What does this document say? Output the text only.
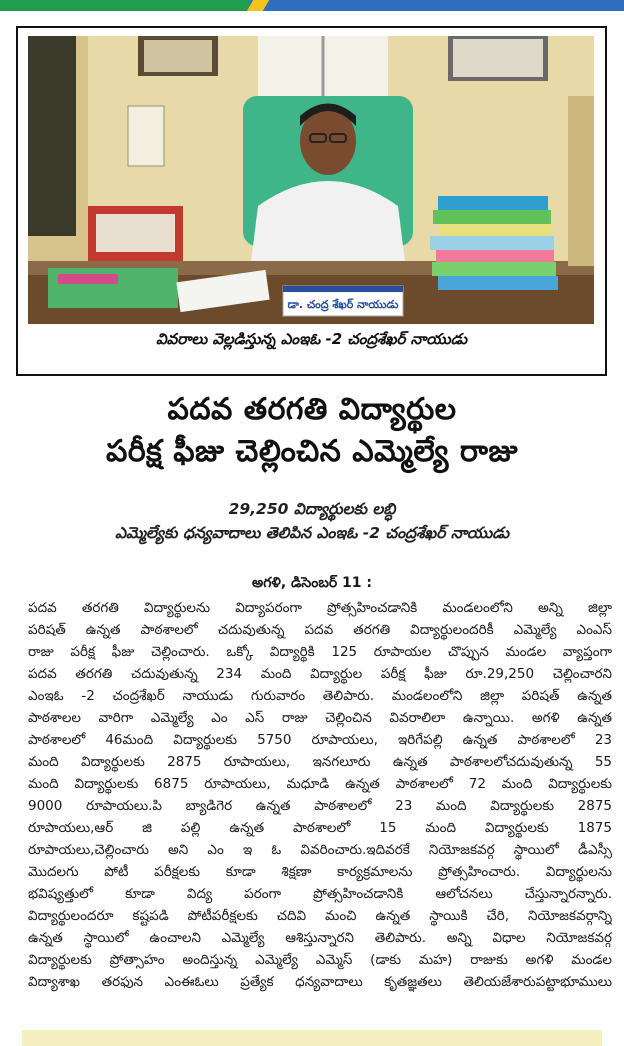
డా. చంద్ర శేఖర్ నాయుడు
వివరాలు వెల్లడిస్తున్న ఎంఇఓ -2 చంద్రశేఖర్ నాయుడు
పదవ తరగతి విద్యార్థుల
పరీక్ష ఫీజు చెల్లించిన ఎమ్మెల్యే రాజు
29,250 విద్యార్థులకు లబ్ధి
ఎమ్మెల్యేకు ధన్యవాదాలు తెలిపిన ఎంఇఓ -2 చంద్రశేఖర్ నాయుడు
అగళి, డిసెంబర్ 11 :
పదవ తరగతి విద్యార్థులను విద్యాపరంగా ప్రోత్సహించడానికి మండలంలోని అన్ని జిల్లా
పరిషత్ ఉన్నత పాఠశాలలో చదువుతున్న పదవ తరగతి విద్యార్థులందరికీ ఎమ్మెల్యే ఎంఎస్
రాజు పరీక్ష ఫీజు చెల్లించారు. ఒక్కో విద్యార్థికి 125 రూపాయల చొప్పున మండల వ్యాప్తంగా
పదవ తరగతి చదువుతున్న 234 మంది విద్యార్థుల పరీక్ష ఫీజు రూ.29,250 చెల్లించారని
ఎంఇఓ -2 చంద్రశేఖర్ నాయుడు గురువారం తెలిపారు. మండలంలోని జిల్లా పరిషత్ ఉన్నత
పాఠశాలల వారిగా ఎమ్మెల్యే ఎం ఎస్ రాజు చెల్లించిన వివరాలిలా ఉన్నాయి. అగళి ఉన్నత
పాఠశాలలో 46మంది విద్యార్థులకు 5750 రూపాయలు, ఇరిగేపల్లి ఉన్నత పాఠశాలలో 23
మంది విద్యార్థులకు 2875 రూపాయలు, ఇనగలూరు ఉన్నత పాఠశాలలోచదువుతున్న 55
మంది విద్యార్థులకు 6875 రూపాయలు, మధూడి ఉన్నత పాఠశాలలో 72 మంది విద్యార్థులకు
9000 రూపాయలు.పి బ్యాడిగెర ఉన్నత పాఠశాలలో 23 మంది విద్యార్థులకు 2875
రూపాయలు,ఆర్ జి పల్లి ఉన్నత పాఠశాలలో 15 మంది విద్యార్థులకు 1875
రూపాయలు,చెల్లించారు అని ఎం ఇ ఓ వివరించారు.ఇదివరకే నియోజకవర్గ స్థాయిలో డీఎస్సీ
మొదలగు పోటీ పరీక్షలకు కూడా శిక్షణా కార్యక్రమాలను ప్రోత్సహించారు. విద్యార్థులను
భవిష్యత్తులో కూడా విద్య పరంగా ప్రోత్సహించడానికి ఆలోచనలు చేస్తున్నారన్నారు.
విద్యార్థులందరూ కష్టపడి పోటీపరీక్షలకు చదివి మంచి ఉన్నత స్థాయికి చేరి, నియోజకవర్గాన్ని
ఉన్నత స్థాయిలో ఉంచాలని ఎమ్మెల్యే ఆశిస్తున్నారని తెలిపారు. అన్ని విధాల నియోజకవర్గ
విద్యార్థులకు ప్రోత్సాహం అందిస్తున్న ఎమ్మెల్యే ఎమ్మెస్ (డాకు మహ) రాజుకు అగళి మండల
విద్యాశాఖ తరఫున ఎంఈఓలు ప్రత్యేక ధన్యవాదాలు కృతజ్ఞతలు తెలియజేశారుపట్టాభూములు
